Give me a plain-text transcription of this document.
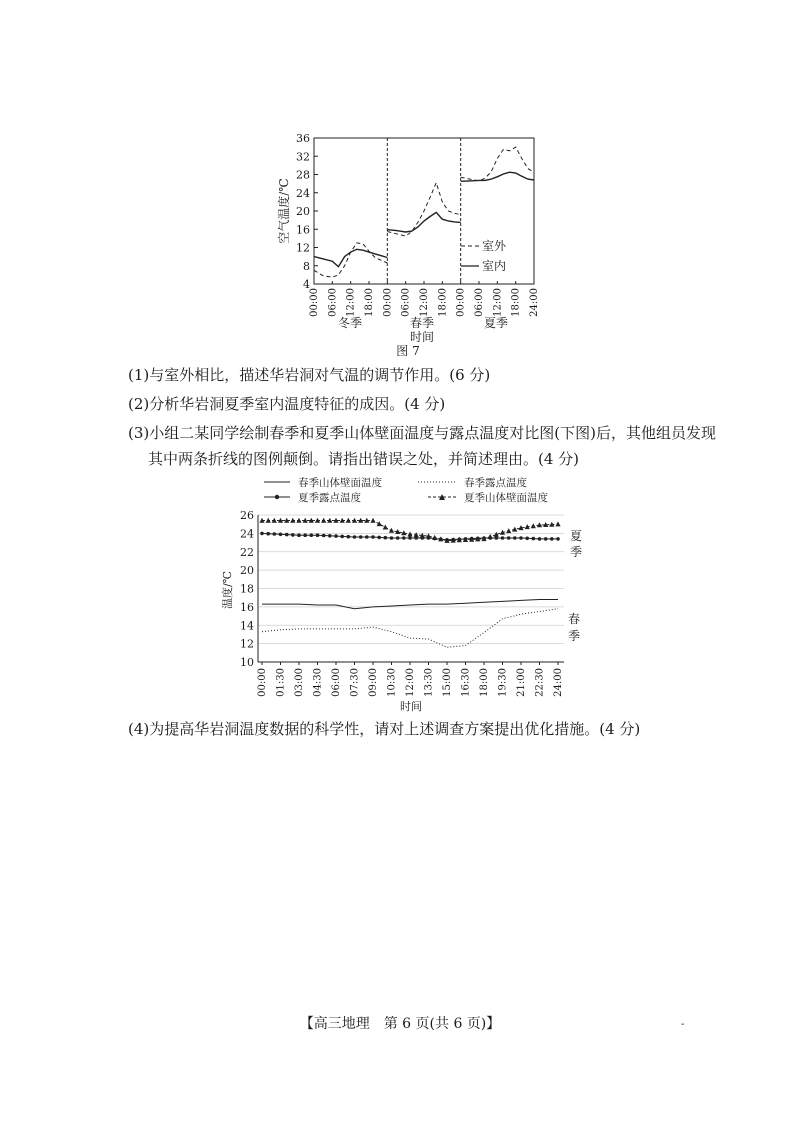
4
8
12
16
20
24
28
32
36
00:00 06:00 12:00 18:00 00:00 06:00 12:00 18:00 00:00 06:00 12:00 18:00 24:00
空气温度/℃
室外
室内
冬季	春季	夏季
时间
图 7
(1)与室外相比，描述华岩洞对气温的调节作用。(6 分)
(2)分析华岩洞夏季室内温度特征的成因。(4 分)
(3)小组二某同学绘制春季和夏季山体壁面温度与露点温度对比图(下图)后，其他组员发现
其中两条折线的图例颠倒。请指出错误之处，并简述理由。(4 分)
春季山体壁面温度	春季露点温度
夏季露点温度	夏季山体壁面温度
10
12
14
16
18
20
22
24
26
00:00 01:30 03:00 04:30 06:00 07:30 09:00 10:30 12:00 13:30 15:00 16:30 18:00 19:30 21:00 22:30 24:00
温度/℃
时间
夏
季
春
季
(4)为提高华岩洞温度数据的科学性，请对上述调查方案提出优化措施。(4 分)
【高三地理　第 6 页(共 6 页)】	-
